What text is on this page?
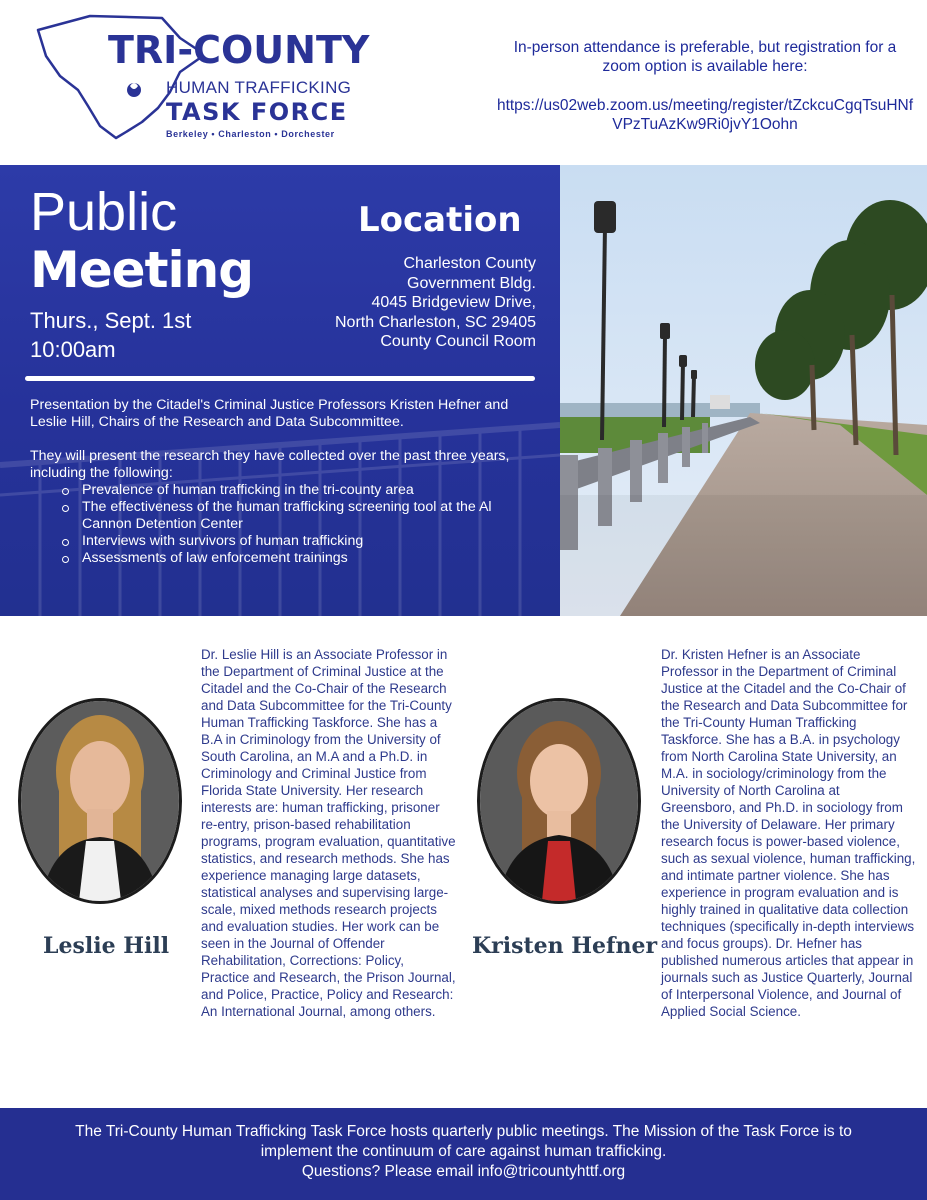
TRI-COUNTY
HUMAN TRAFFICKING
TASK FORCE
Berkeley • Charleston • Dorchester
In-person attendance is preferable, but registration for a zoom option is available here:
https://us02web.zoom.us/meeting/register/tZckcuCgqTsuHNfVPzTuAzKw9Ri0jvY1Oohn
Public
Meeting
Thurs., Sept. 1st
10:00am
Location
Charleston County
Government Bldg.
4045 Bridgeview Drive,
North Charleston, SC 29405
County Council Room

Presentation by the Citadel's Criminal Justice Professors Kristen Hefner and Leslie Hill, Chairs of the Research and Data Subcommittee.

They will present the research they have collected over the past three years, including the following:
Prevalence of human trafficking in the tri-county area
The effectiveness of the human trafficking screening tool at the Al Cannon Detention Center
Interviews with survivors of human trafficking
Assessments of law enforcement trainings
Leslie Hill
Dr. Leslie Hill is an Associate Professor in the Department of Criminal Justice at the Citadel and the Co-Chair of the Research and Data Subcommittee for the Tri-County Human Trafficking Taskforce. She has a B.A in Criminology from the University of South Carolina, an M.A and a Ph.D. in Criminology and Criminal Justice from Florida State University. Her research interests are: human trafficking, prisoner re-entry, prison-based rehabilitation programs, program evaluation, quantitative statistics, and research methods. She has experience managing large datasets, statistical analyses and supervising large-scale, mixed methods research projects and evaluation studies. Her work can be seen in the Journal of Offender Rehabilitation, Corrections: Policy, Practice and Research, the Prison Journal, and Police, Practice, Policy and Research: An International Journal, among others.
Kristen Hefner
Dr. Kristen Hefner is an Associate Professor in the Department of Criminal Justice at the Citadel and the Co-Chair of the Research and Data Subcommittee for the Tri-County Human Trafficking Taskforce. She has a B.A. in psychology from North Carolina State University, an M.A. in sociology/criminology from the University of North Carolina at Greensboro, and Ph.D. in sociology from the University of Delaware. Her primary research focus is power-based violence, such as sexual violence, human trafficking, and intimate partner violence. She has experience in program evaluation and is highly trained in qualitative data collection techniques (specifically in-depth interviews and focus groups). Dr. Hefner has published numerous articles that appear in journals such as Justice Quarterly, Journal of Interpersonal Violence, and Journal of Applied Social Science.
The Tri-County Human Trafficking Task Force hosts quarterly public meetings. The Mission of the Task Force is to implement the continuum of care against human trafficking.
Questions? Please email info@tricountyhttf.org
